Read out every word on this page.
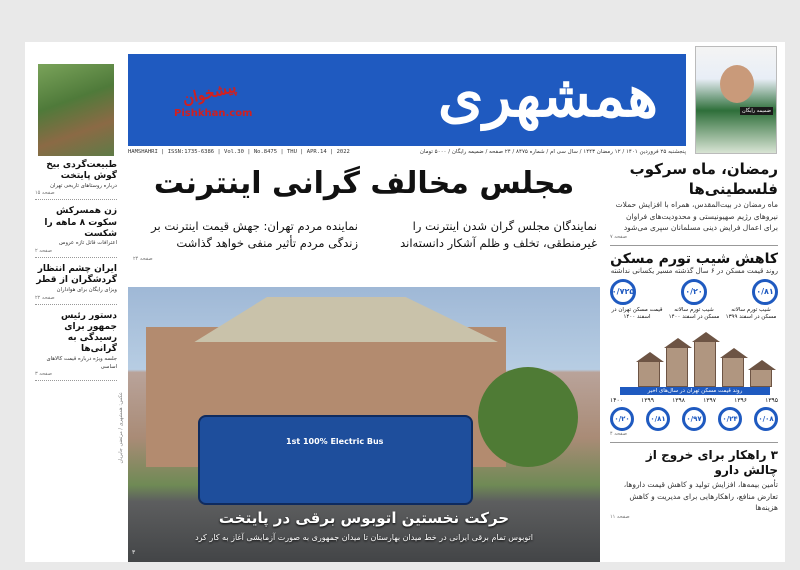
همشهری
پیشخوان
Pishkhan.com	ضمیمه رایگان
HAMSHAHRI | ISSN:1735-6386 | Vol.30 | No.8475 | THU | APR.14 | 2022	پنجشنبه ۲۵ فروردین ۱۴۰۱ / ۱۲ رمضان ۱۴۴۳ / سال سی ام / شماره ۸۴۷۵ / ۲۴ صفحه / ضمیمه رایگان / ۵۰۰۰ تومان
طبیعت‌گردی بیخ گوش پایتخت

درباره روستاهای تاریخی تهران

صفحه ۱۵
زن همسرکش سکوت ۸ ماهه را شکست

اعترافات قاتل تازه عروس

صفحه ۲
ایران چشم انتظار گردشگران از قطر

ویزای رایگان برای هواداران

صفحه ۲۲
دستور رئیس جمهور برای رسیدگی به گرانی‌ها

جلسه ویژه درباره قیمت کالاهای اساسی

صفحه ۳
مجلس مخالف گرانی اینترنت
نمایندگان مجلس گران شدن اینترنت را غیرمنطقی، تخلف و ظلم آشکار دانسته‌اند
نماینده مردم تهران: جهش قیمت اینترنت بر زندگی مردم تأثیر منفی خواهد گذاشت
صفحه ۲۴
1st 100% Electric Bus
حرکت نخستین اتوبوس برقی در پایتخت
اتوبوس تمام برقی ایرانی در خط میدان بهارستان تا میدان جمهوری به صورت آزمایشی آغاز به کار کرد
۳
عکس: همشهری / مرتضی جابریان
رمضان، ماه سرکوب فلسطینی‌ها

ماه رمضان در بیت‌المقدس، همراه با افزایش حملات نیروهای رژیم صهیونیستی و محدودیت‌های فراوان برای اعمال فرایض دینی مسلمانان سپری می‌شود

صفحه ۷
کاهش شیب تورم مسکن
روند قیمت مسکن در ۶ سال گذشته مسیر یکسانی نداشته
۰/۸۱
۰/۲۰
۰/۷۲۵
شیب تورم سالانه مسکن در اسفند ۱۳۹۹
شیب تورم سالانه مسکن در اسفند ۱۴۰۰
قیمت مسکن تهران در اسفند ۱۴۰۰
روند قیمت مسکن تهران در سال‌های اخیر
۱۳۹۵
۱۳۹۶
۱۳۹۷
۱۳۹۸
۱۳۹۹
۱۴۰۰
۰/۰۸
۰/۲۴
۰/۹۷
۰/۸۱
۰/۲۰
صفحه ۴
۳ راهکار برای خروج از چالش دارو

تأمین بیمه‌ها، افزایش تولید و کاهش قیمت داروها، تعارض منافع، راهکارهایی برای مدیریت و کاهش هزینه‌ها

صفحه ۱۱
